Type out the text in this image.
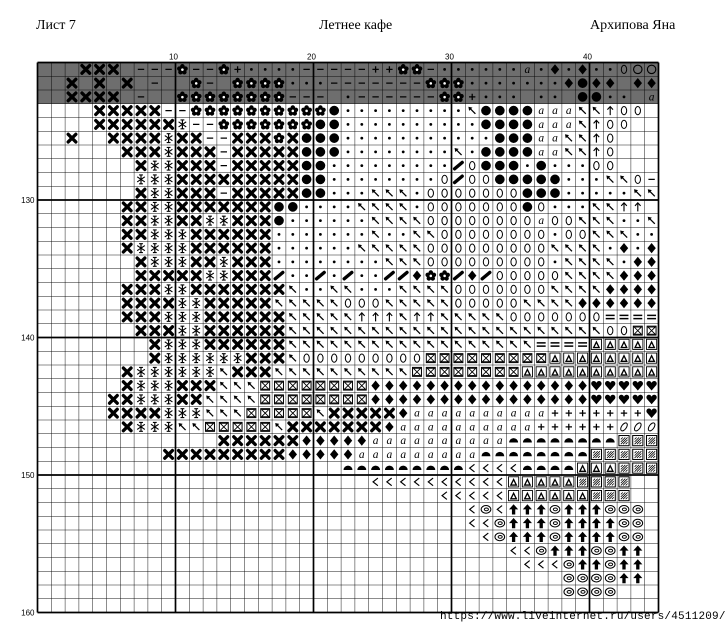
Лист 7	Летнее кафе	Архипова Яна
10	20	30	40
130
140
150
160	https://www.liveinternet.ru/users/4511209/
